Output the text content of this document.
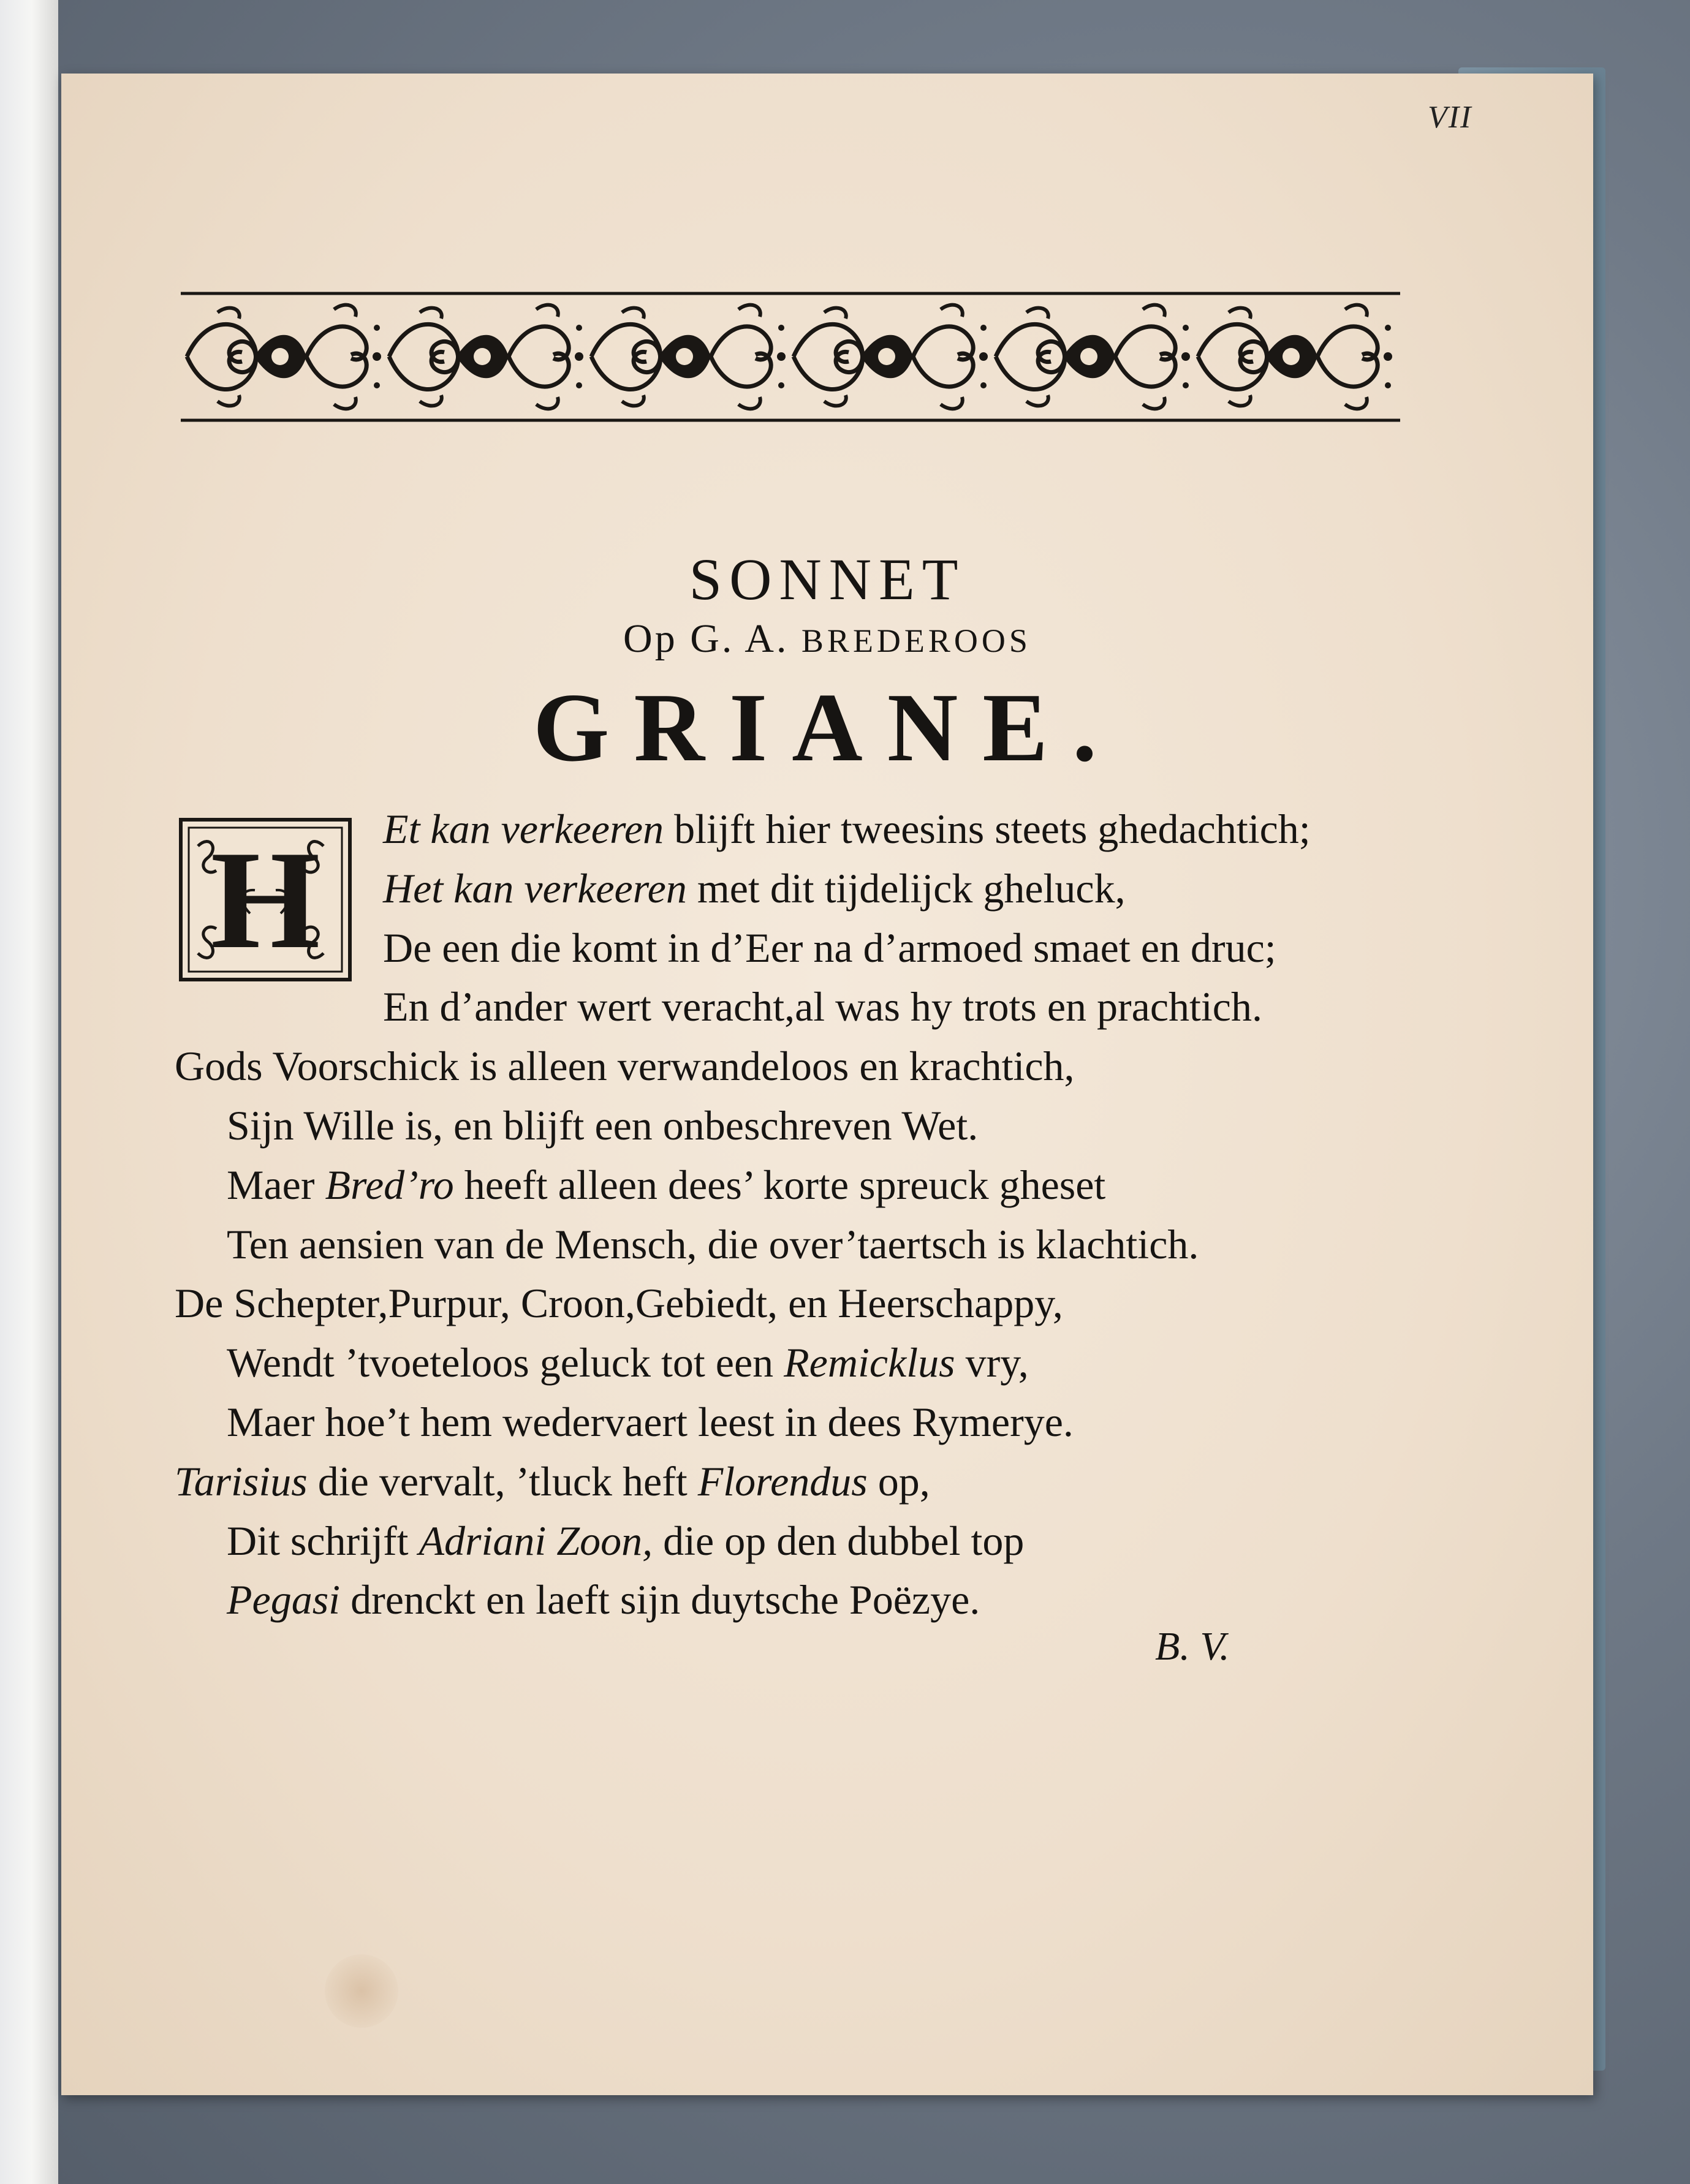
VII
SONNET
Op G. A. BREDEROOS
GRIANE.
H	Et kan verkeeren blijft hier tweesins steets ghedachtich;
Het kan verkeeren met dit tijdelijck gheluck,
De een die komt in d’Eer na d’armoed smaet en druc;
En d’ander wert veracht,al was hy trots en prachtich.
Gods Voorschick is alleen verwandeloos en krachtich,
Sijn Wille is, en blijft een onbeschreven Wet.
Maer Bred’ro heeft alleen dees’ korte spreuck gheset
Ten aensien van de Mensch, die over’taertsch is klachtich.
De Schepter,Purpur, Croon,Gebiedt, en Heerschappy,
Wendt ’tvoeteloos geluck tot een Remicklus vry,
Maer hoe’t hem wedervaert leest in dees Rymerye.
Tarisius die vervalt, ’tluck heft Florendus op,
Dit schrijft Adriani Zoon, die op den dubbel top
Pegasi drenckt en laeft sijn duytsche Poëzye.
B. V.
